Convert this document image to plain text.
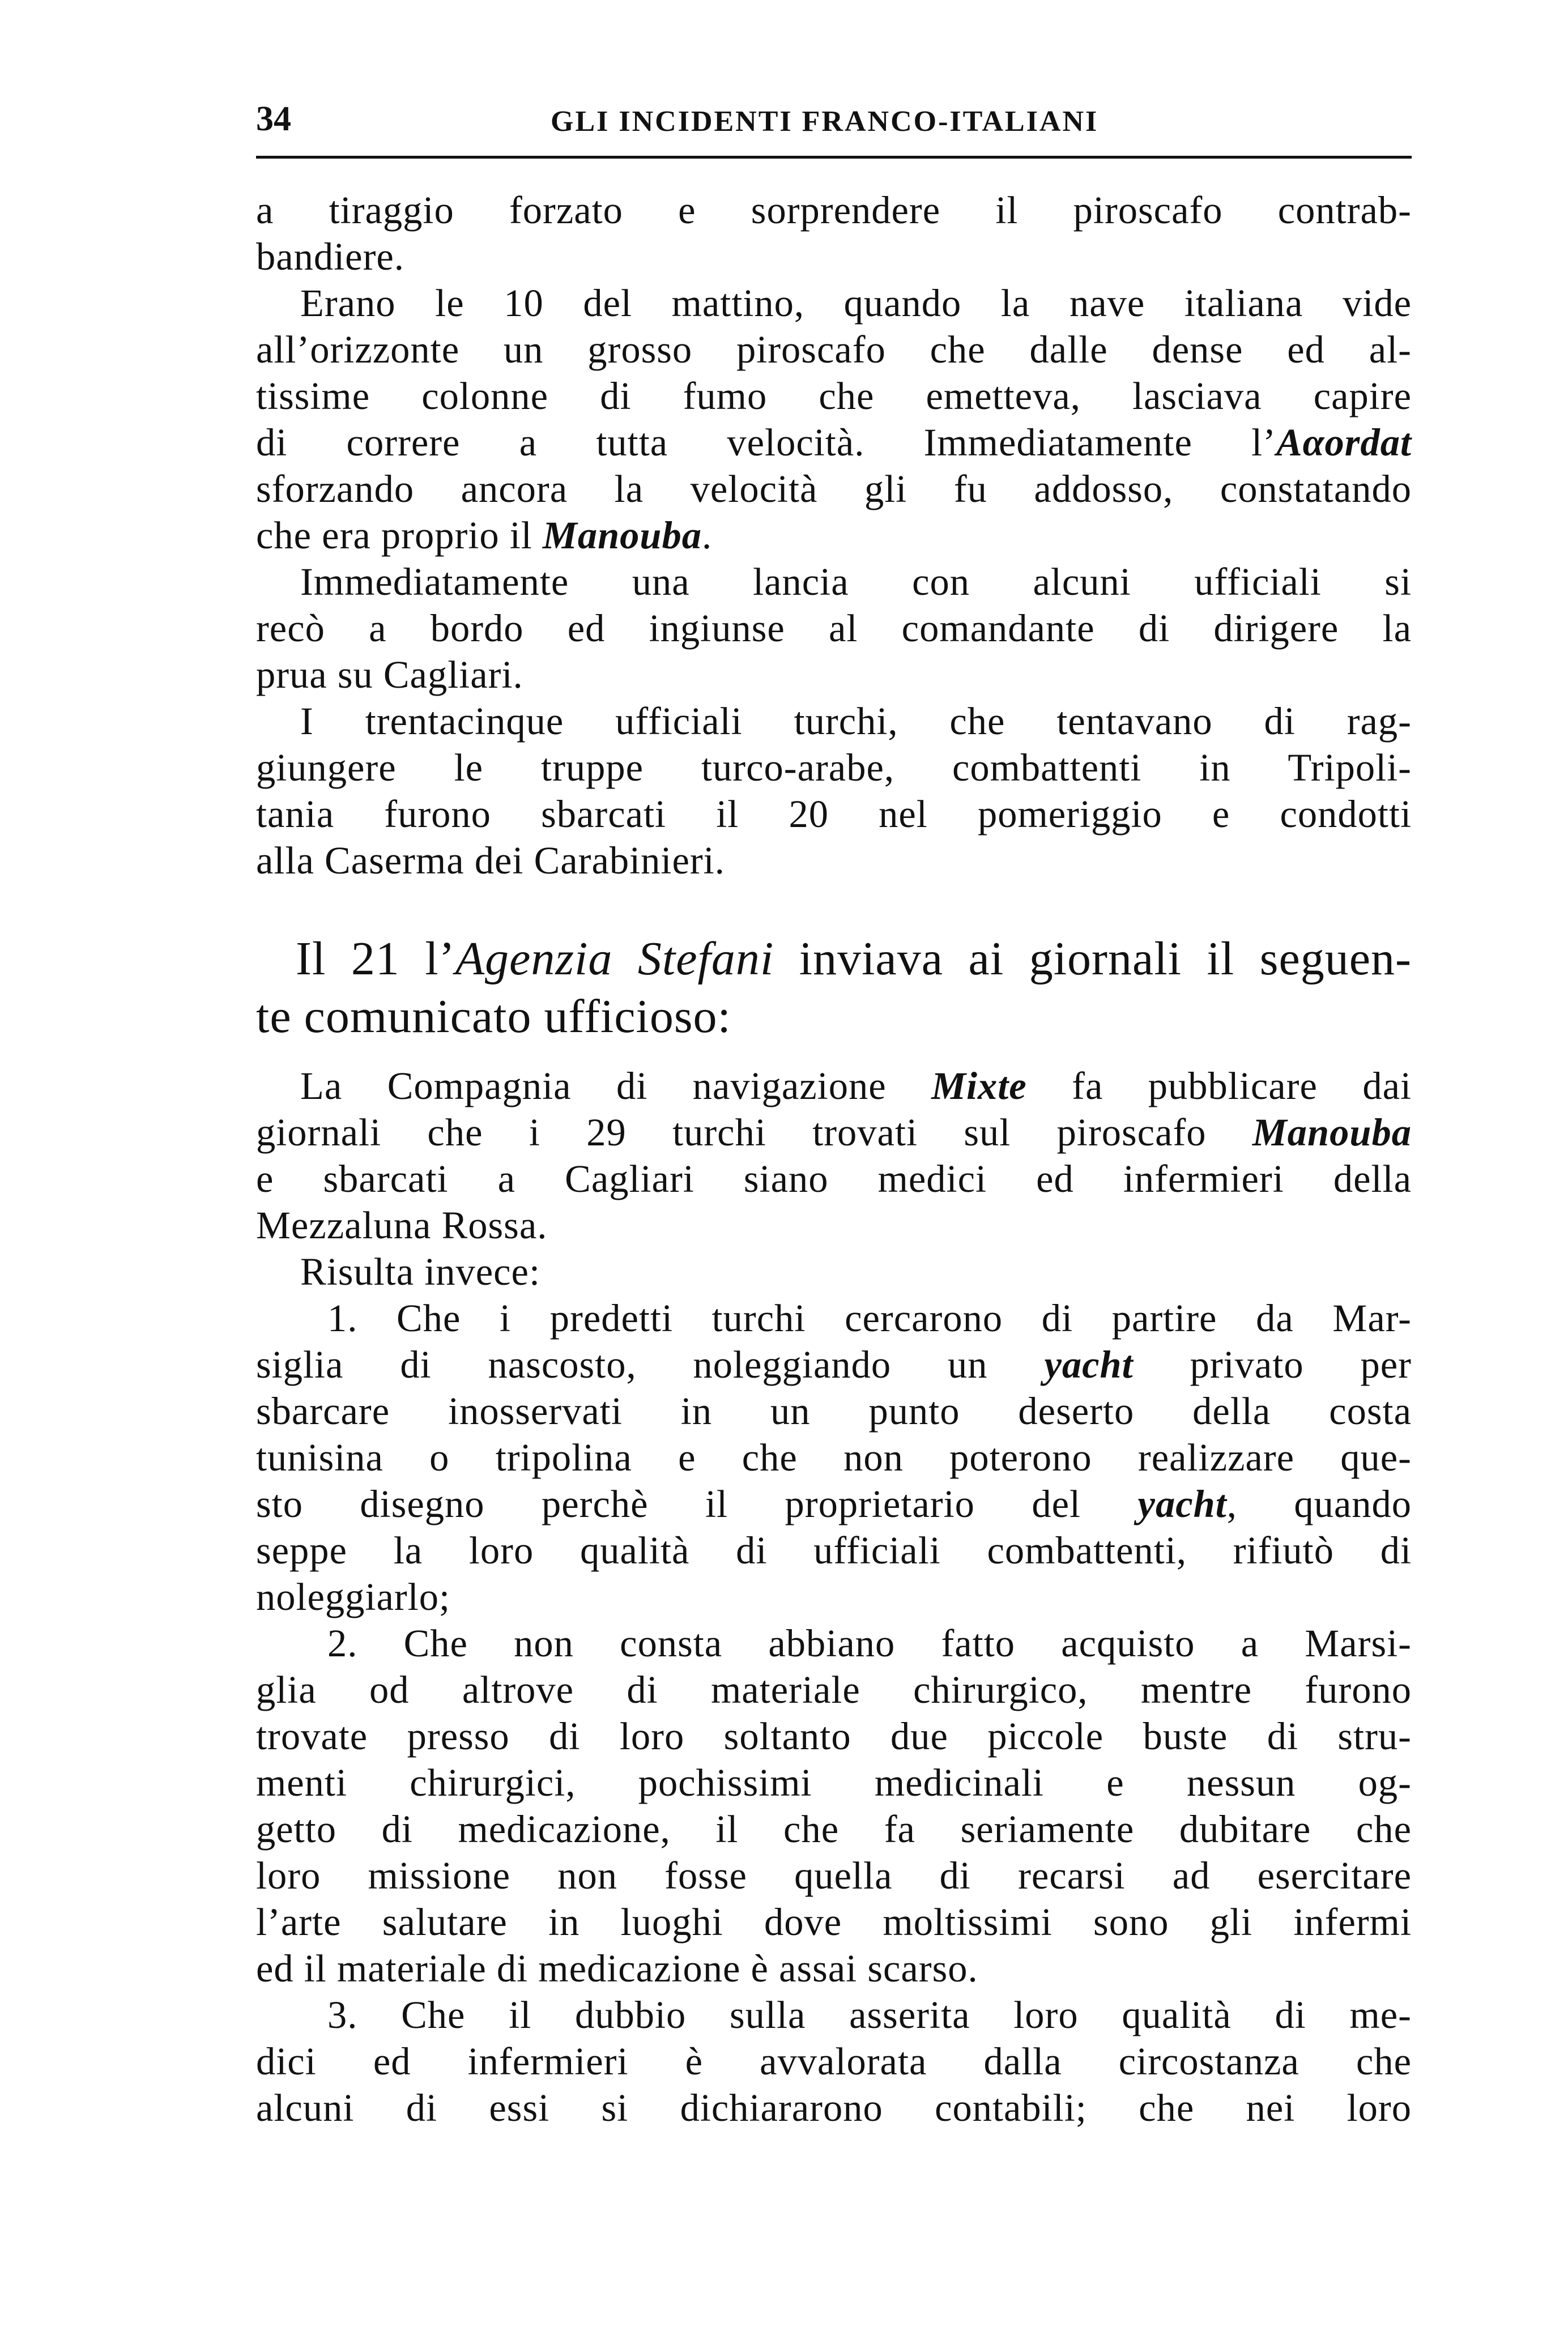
34	GLI INCIDENTI FRANCO-ITALIANI
a tiraggio forzato e sorprendere il piroscafo contrab-
bandiere.
Erano le 10 del mattino, quando la nave italiana vide
all’orizzonte un grosso piroscafo che dalle dense ed al-
tissime colonne di fumo che emetteva, lasciava capire
di correre a tutta velocità. Immediatamente l’Aαordat
sforzando ancora la velocità gli fu addosso, constatando
che era proprio il Manouba.
Immediatamente una lancia con alcuni ufficiali si
recò a bordo ed ingiunse al comandante di dirigere la
prua su Cagliari.
I trentacinque ufficiali turchi, che tentavano di rag-
giungere le truppe turco-arabe, combattenti in Tripoli-
tania furono sbarcati il 20 nel pomeriggio e condotti
alla Caserma dei Carabinieri.
Il 21 l’Agenzia Stefani inviava ai giornali il seguen-
te comunicato ufficioso:
La Compagnia di navigazione Mixte fa pubblicare dai
giornali che i 29 turchi trovati sul piroscafo Manouba
e sbarcati a Cagliari siano medici ed infermieri della
Mezzaluna Rossa.
Risulta invece:
1. Che i predetti turchi cercarono di partire da Mar-
siglia di nascosto, noleggiando un yacht privato per
sbarcare inosservati in un punto deserto della costa
tunisina o tripolina e che non poterono realizzare que-
sto disegno perchè il proprietario del yacht, quando
seppe la loro qualità di ufficiali combattenti, rifiutò di
noleggiarlo;
2. Che non consta abbiano fatto acquisto a Marsi-
glia od altrove di materiale chirurgico, mentre furono
trovate presso di loro soltanto due piccole buste di stru-
menti chirurgici, pochissimi medicinali e nessun og-
getto di medicazione, il che fa seriamente dubitare che
loro missione non fosse quella di recarsi ad esercitare
l’arte salutare in luoghi dove moltissimi sono gli infermi
ed il materiale di medicazione è assai scarso.
3. Che il dubbio sulla asserita loro qualità di me-
dici ed infermieri è avvalorata dalla circostanza che
alcuni di essi si dichiararono contabili; che nei loro
